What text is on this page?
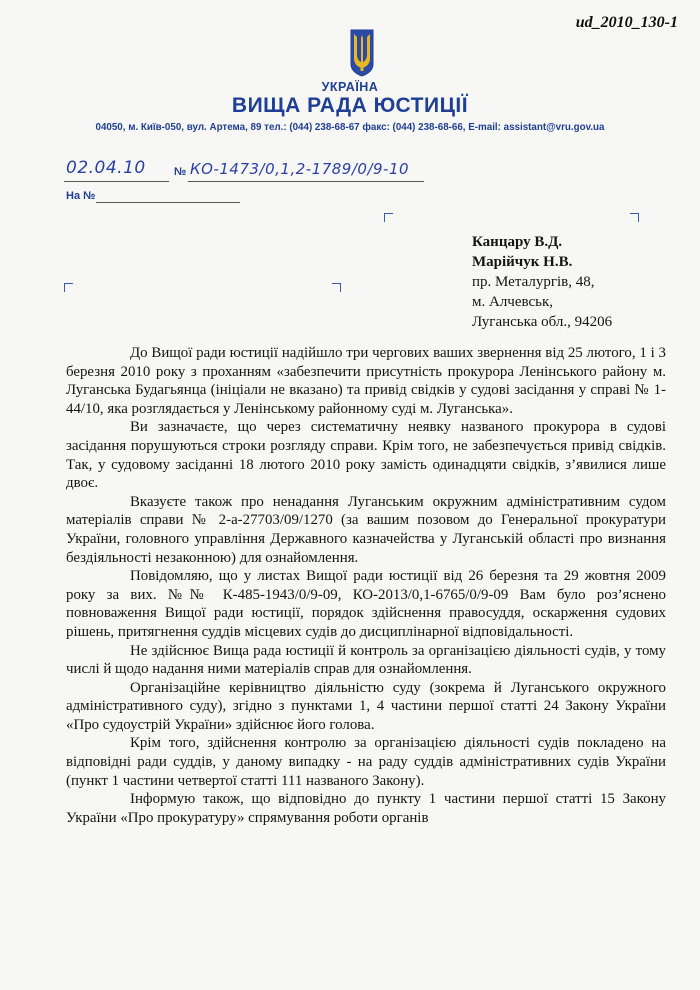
ud_2010_130-1
УКРАЇНА
ВИЩА РАДА ЮСТИЦІЇ
04050, м. Київ-050, вул. Артема, 89 тел.: (044) 238-68-67 факс: (044) 238-68-66, E-mail: assistant@vru.gov.ua
02.04.10	№ КО-1473/0,1,2-1789/0/9-10
На №
Канцару В.Д.
Марійчук Н.В.
пр. Металургів, 48,
м. Алчевськ,
Луганська обл., 94206

До Вищої ради юстиції надійшло три чергових ваших звернення від 25 лютого, 1 і 3 березня 2010 року з проханням «забезпечити присутність прокурора Ленінського району м. Луганська Будагьянца (ініціали не вказано) та привід свідків у судові засідання у справі № 1-44/10, яка розглядається у Ленінському районному суді м. Луганська».

Ви зазначаєте, що через систематичну неявку названого прокурора в судові засідання порушуються строки розгляду справи. Крім того, не забезпечується привід свідків. Так, у судовому засіданні 18 лютого 2010 року замість одинадцяти свідків, з’явилися лише двоє.

Вказуєте також про ненадання Луганським окружним адміністративним судом матеріалів справи № 2-а-27703/09/1270 (за вашим позовом до Генеральної прокуратури України, головного управління Державного казначейства у Луганській області про визнання бездіяльності незаконною) для ознайомлення.

Повідомляю, що у листах Вищої ради юстиції від 26 березня та 29 жовтня 2009 року за вих. №№ К-485-1943/0/9-09, КО-2013/0,1-6765/0/9-09 Вам було роз’яснено повноваження Вищої ради юстиції, порядок здійснення правосуддя, оскарження судових рішень, притягнення суддів місцевих судів до дисциплінарної відповідальності.

Не здійснює Вища рада юстиції й контроль за організацією діяльності судів, у тому числі й щодо надання ними матеріалів справ для ознайомлення.

Організаційне керівництво діяльністю суду (зокрема й Луганського окружного адміністративного суду), згідно з пунктами 1, 4 частини першої статті 24 Закону України «Про судоустрій України» здійснює його голова.

Крім того, здійснення контролю за організацією діяльності судів покладено на відповідні ради суддів, у даному випадку - на раду суддів адміністративних судів України (пункт 1 частини четвертої статті 111 названого Закону).

Інформую також, що відповідно до пункту 1 частини першої статті 15 Закону України «Про прокуратуру» спрямування роботи органів
